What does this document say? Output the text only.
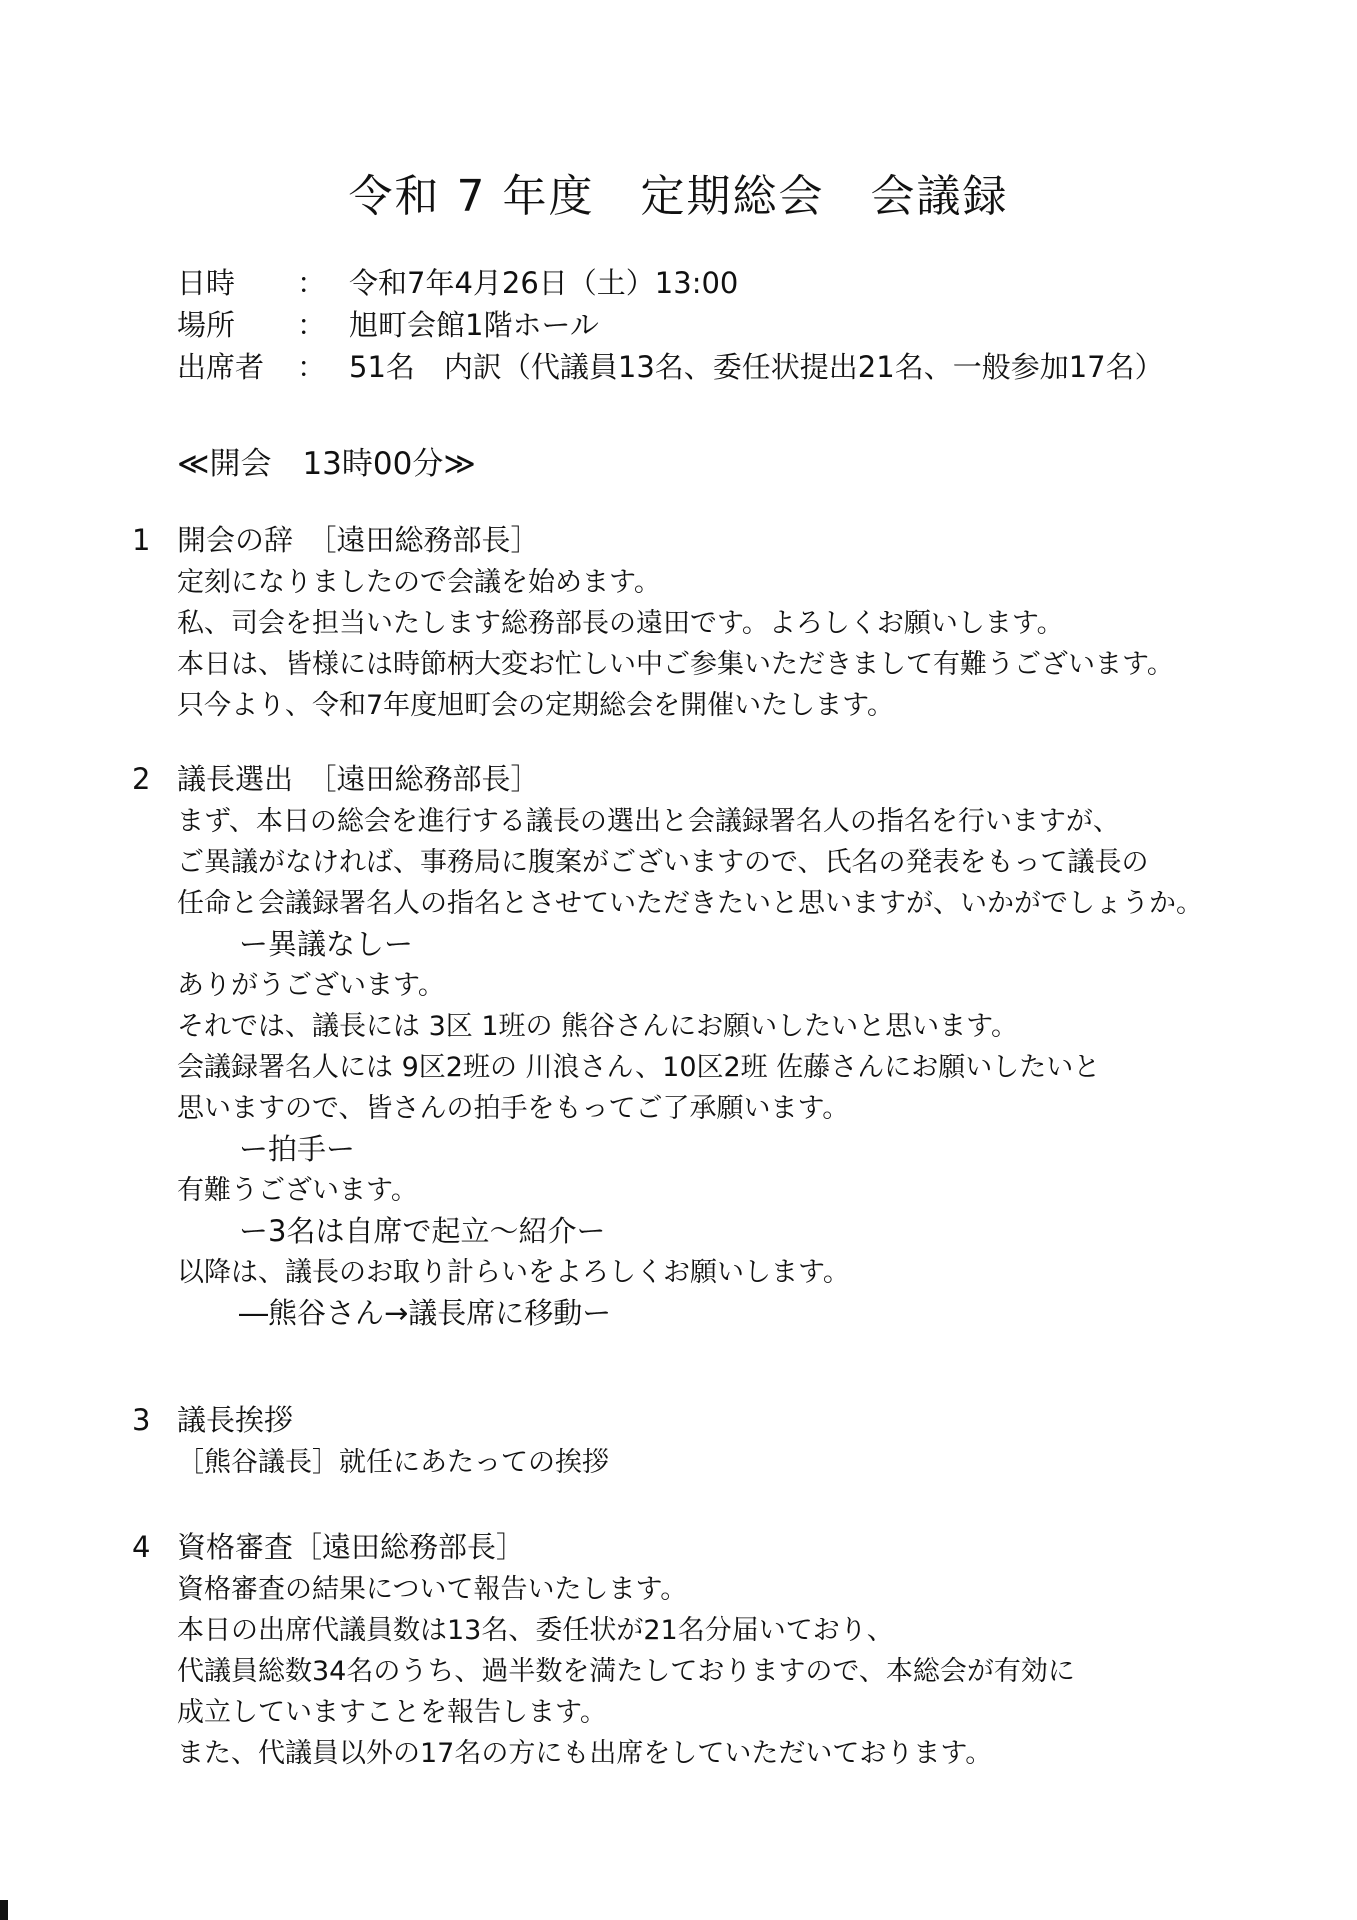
令和 7 年度　定期総会　会議録
日時	： 令和7年4月26日（土）13:00
場所	： 旭町会館1階ホール
出席者	： 51名　内訳（代議員13名、委任状提出21名、一般参加17名）
≪開会　13時00分≫
1 開会の辞　［遠田総務部長］
定刻になりましたので会議を始めます。
私、司会を担当いたします総務部長の遠田です。よろしくお願いします。
本日は、皆様には時節柄大変お忙しい中ご参集いただきまして有難うございます。
只今より、令和7年度旭町会の定期総会を開催いたします。
2 議長選出　［遠田総務部長］
まず、本日の総会を進行する議長の選出と会議録署名人の指名を行いますが、
ご異議がなければ、事務局に腹案がございますので、氏名の発表をもって議長の
任命と会議録署名人の指名とさせていただきたいと思いますが、いかがでしょうか。
ー異議なしー
ありがうございます。
それでは、議長には 3区 1班の 熊谷さんにお願いしたいと思います。
会議録署名人には 9区2班の 川浪さん、10区2班 佐藤さんにお願いしたいと
思いますので、皆さんの拍手をもってご了承願います。
ー拍手ー
有難うございます。
ー3名は自席で起立～紹介ー
以降は、議長のお取り計らいをよろしくお願いします。
―熊谷さん→議長席に移動ー
3 議長挨拶
［熊谷議長］就任にあたっての挨拶
4 資格審査［遠田総務部長］
資格審査の結果について報告いたします。
本日の出席代議員数は13名、委任状が21名分届いており、
代議員総数34名のうち、過半数を満たしておりますので、本総会が有効に
成立していますことを報告します。
また、代議員以外の17名の方にも出席をしていただいております。
